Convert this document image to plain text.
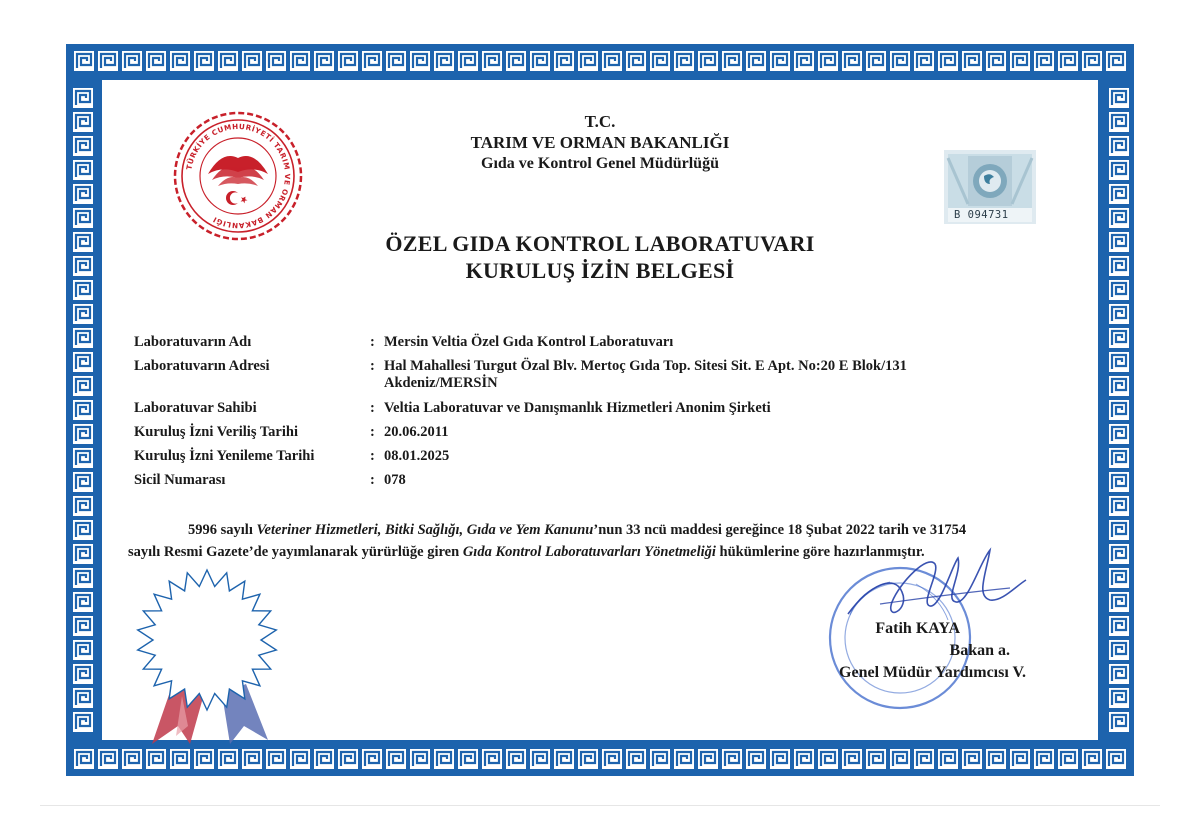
TÜRKİYE CUMHURİYETİ TARIM VE ORMAN BAKANLIĞI	B 094731
T.C.
TARIM VE ORMAN BAKANLIĞI
Gıda ve Kontrol Genel Müdürlüğü
ÖZEL GIDA KONTROL LABORATUVARI
KURULUŞ İZİN BELGESİ
Laboratuvarın Adı	: Mersin Veltia Özel Gıda Kontrol Laboratuvarı
Laboratuvarın Adresi	: Hal Mahallesi Turgut Özal Blv. Mertoç Gıda Top. Sitesi Sit. E Apt. No:20 E Blok/131
Akdeniz/MERSİN
Laboratuvar Sahibi	: Veltia Laboratuvar ve Danışmanlık Hizmetleri Anonim Şirketi
Kuruluş İzni Veriliş Tarihi	: 20.06.2011
Kuruluş İzni Yenileme Tarihi	: 08.01.2025
Sicil Numarası	: 078
5996 sayılı Veteriner Hizmetleri, Bitki Sağlığı, Gıda ve Yem Kanunu’nun 33 ncü maddesi gereğince 18 Şubat 2022 tarih ve 31754
sayılı Resmi Gazete’de yayımlanarak yürürlüğe giren Gıda Kontrol Laboratuvarları Yönetmeliği hükümlerine göre hazırlanmıştır.
Fatih KAYA
Bakan a.
Genel Müdür Yardımcısı V.
